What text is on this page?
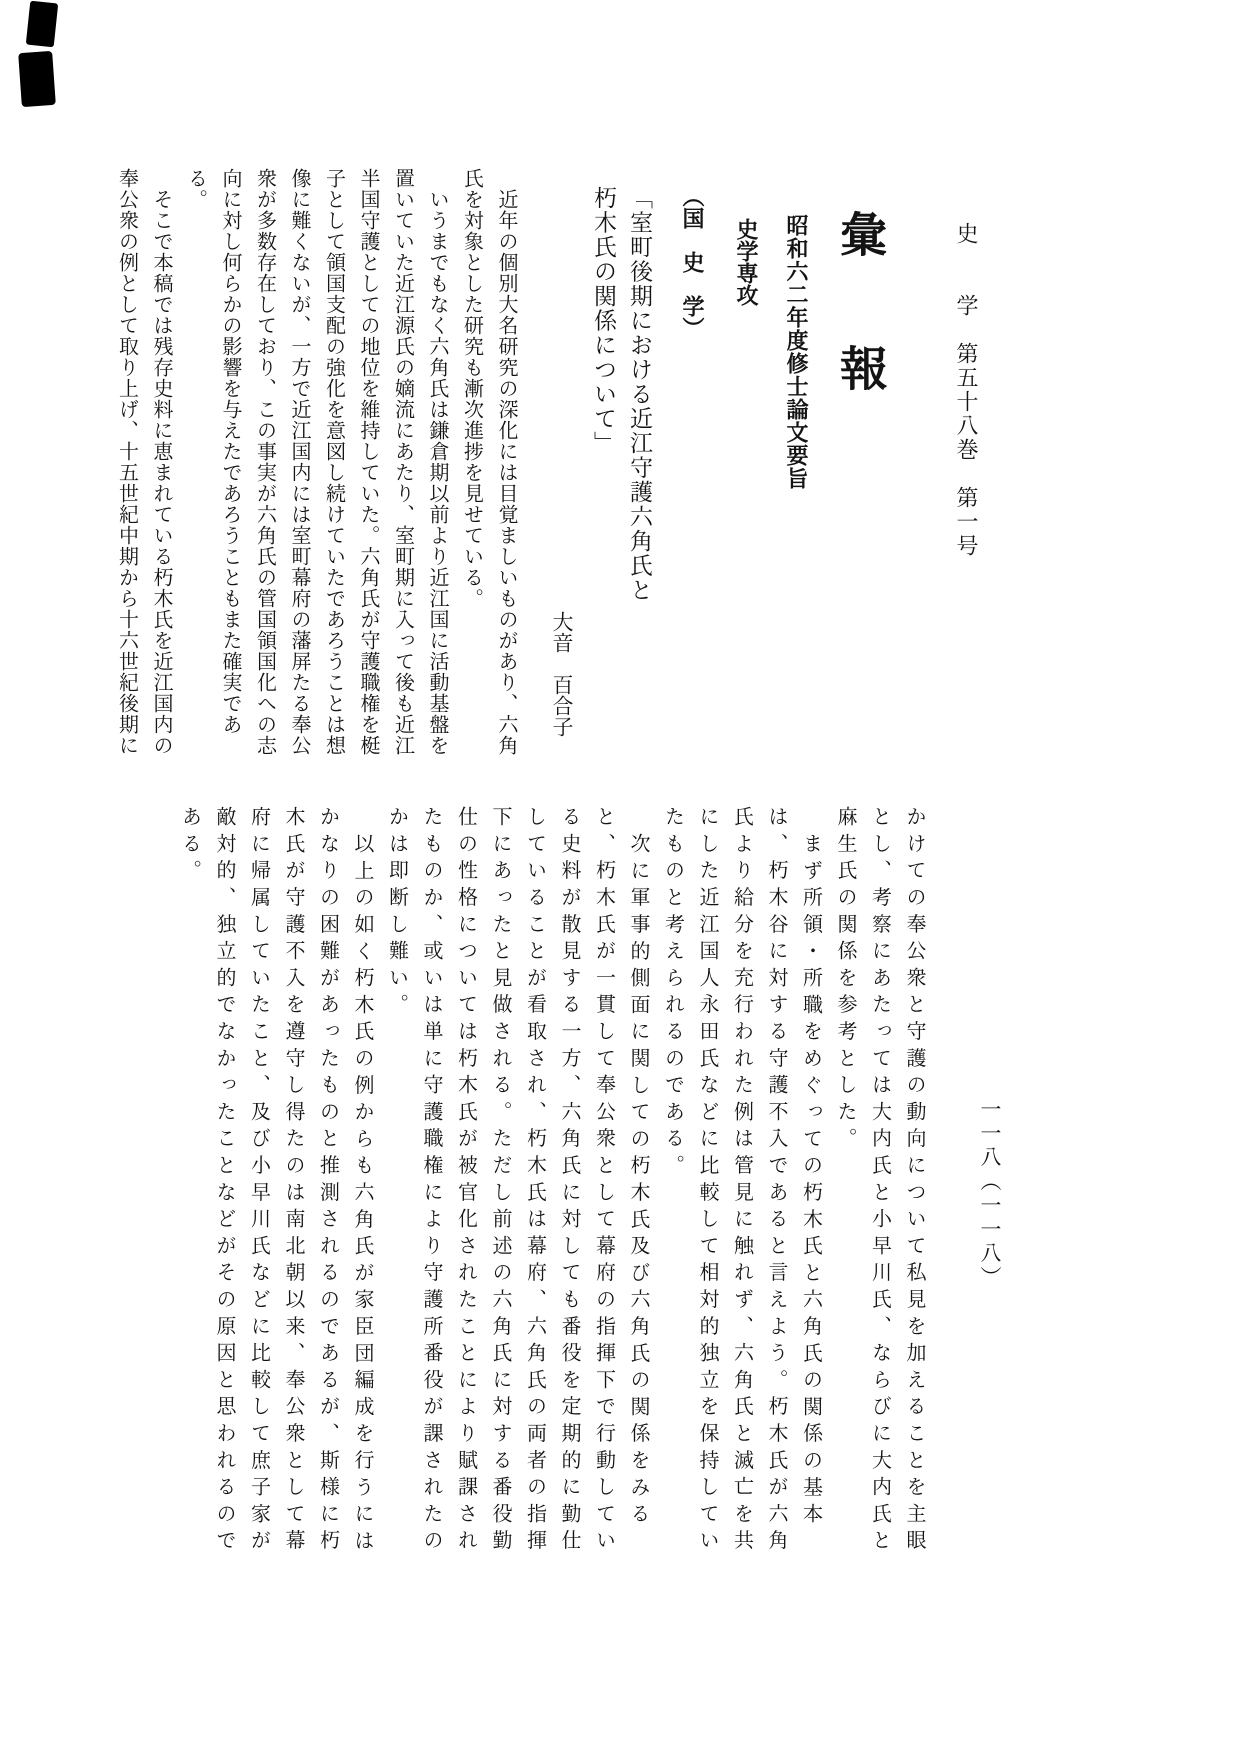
史　　学　第五十八巻　第一号
彙　報
昭和六二年度修士論文要旨
史学専攻
（国　史　学）
「室町後期における近江守護六角氏と朽木氏の関係について」
大音　百合子

近年の個別大名研究の深化には目覚ましいものがあり、六角氏を対象とした研究も漸次進捗を見せている。

いうまでもなく六角氏は鎌倉期以前より近江国に活動基盤を置いていた近江源氏の嫡流にあたり、室町期に入って後も近江半国守護としての地位を維持していた。六角氏が守護職権を梃子として領国支配の強化を意図し続けていたであろうことは想像に難くないが、一方で近江国内には室町幕府の藩屏たる奉公衆が多数存在しており、この事実が六角氏の管国領国化への志向に対し何らかの影響を与えたであろうこともまた確実である。

そこで本稿では残存史料に恵まれている朽木氏を近江国内の奉公衆の例として取り上げ、十五世紀中期から十六世紀後期に

かけての奉公衆と守護の動向について私見を加えることを主眼とし、考察にあたっては大内氏と小早川氏、ならびに大内氏と麻生氏の関係を参考とした。

まず所領・所職をめぐっての朽木氏と六角氏の関係の基本は、朽木谷に対する守護不入であると言えよう。朽木氏が六角氏より給分を充行われた例は管見に触れず、六角氏と滅亡を共にした近江国人永田氏などに比較して相対的独立を保持していたものと考えられるのである。

次に軍事的側面に関しての朽木氏及び六角氏の関係をみると、朽木氏が一貫して奉公衆として幕府の指揮下で行動している史料が散見する一方、六角氏に対しても番役を定期的に勤仕していることが看取され、朽木氏は幕府、六角氏の両者の指揮下にあったと見做される。ただし前述の六角氏に対する番役勤仕の性格については朽木氏が被官化されたことにより賦課されたものか、或いは単に守護職権により守護所番役が課されたのかは即断し難い。

以上の如く朽木氏の例からも六角氏が家臣団編成を行うにはかなりの困難があったものと推測されるのであるが、斯様に朽木氏が守護不入を遵守し得たのは南北朝以来、奉公衆として幕府に帰属していたこと、及び小早川氏などに比較して庶子家が敵対的、独立的でなかったことなどがその原因と思われるのである。

一一八（一一八）
